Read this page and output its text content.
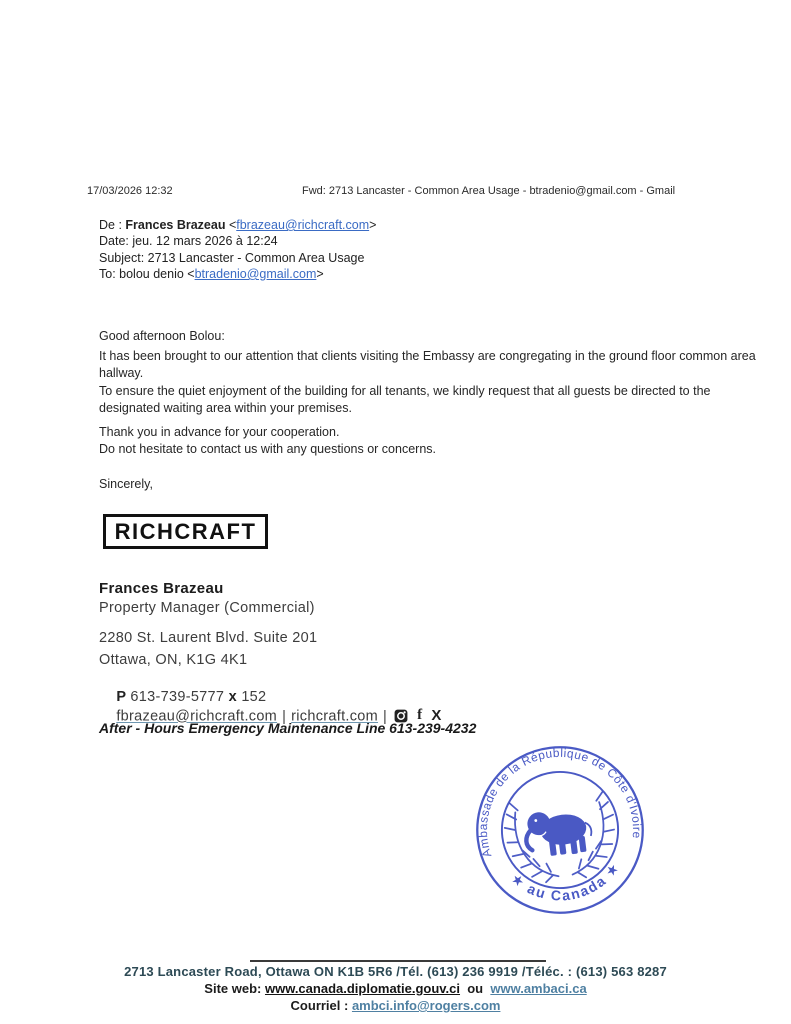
17/03/2026 12:32	Fwd: 2713 Lancaster - Common Area Usage - btradenio@gmail.com - Gmail
De : Frances Brazeau <fbrazeau@richcraft.com>
Date: jeu. 12 mars 2026 à 12:24
Subject: 2713 Lancaster - Common Area Usage
To: bolou denio <btradenio@gmail.com>
Good afternoon Bolou:
It has been brought to our attention that clients visiting the Embassy are congregating in the ground floor common area
hallway.
To ensure the quiet enjoyment of the building for all tenants, we kindly request that all guests be directed to the
designated waiting area within your premises.
Thank you in advance for your cooperation.
Do not hesitate to contact us with any questions or concerns.
Sincerely,
RICHCRAFT
Frances Brazeau
Property Manager (Commercial)
2280 St. Laurent Blvd. Suite 201
Ottawa, ON, K1G 4K1

P 613-739-5777 x 152

fbrazeau@richcraft.com | richcraft.com | f X

After - Hours Emergency Maintenance Line 613-239-4232
Ambassade de la République de Côte d'Ivoire
★ au Canada ★
2713 Lancaster Road, Ottawa ON K1B 5R6 /Tél. (613) 236 9919 /Téléc. : (613) 563 8287
Site web: www.canada.diplomatie.gouv.ci  ou  www.ambaci.ca
Courriel : ambci.info@rogers.com
